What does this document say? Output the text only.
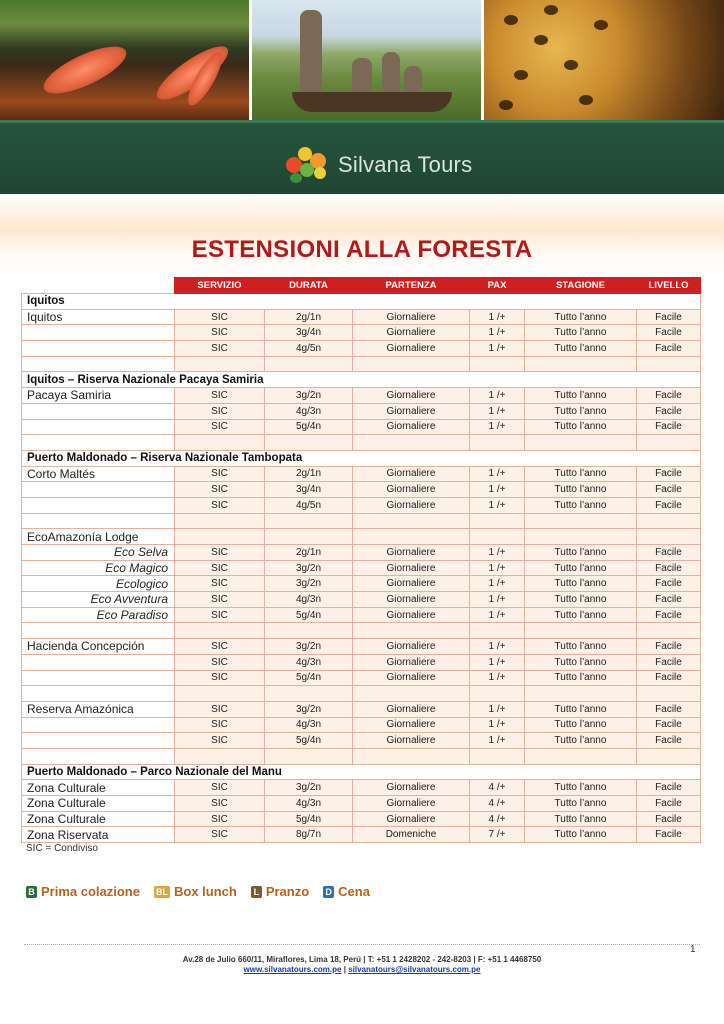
Silvana Tours
ESTENSIONI ALLA FORESTA
	SERVIZIO	DURATA	PARTENZA	PAX	STAGIONE	LIVELLO
Iquitos						
Iquitos	SIC	2g/1n	Giornaliere	1 /+	Tutto l’anno	Facile
	SIC	3g/4n	Giornaliere	1 /+	Tutto l’anno	Facile
	SIC	4g/5n	Giornaliere	1 /+	Tutto l’anno	Facile

Iquitos – Riserva Nazionale Pacaya Samiria						
Pacaya Samiria	SIC	3g/2n	Giornaliere	1 /+	Tutto l’anno	Facile
	SIC	4g/3n	Giornaliere	1 /+	Tutto l’anno	Facile
	SIC	5g/4n	Giornaliere	1 /+	Tutto l’anno	Facile

Puerto Maldonado – Riserva Nazionale Tambopata						
Corto Maltés	SIC	2g/1n	Giornaliere	1 /+	Tutto l’anno	Facile
	SIC	3g/4n	Giornaliere	1 /+	Tutto l’anno	Facile
	SIC	4g/5n	Giornaliere	1 /+	Tutto l’anno	Facile

EcoAmazonía Lodge						
Eco Selva	SIC	2g/1n	Giornaliere	1 /+	Tutto l’anno	Facile
Eco Magico	SIC	3g/2n	Giornaliere	1 /+	Tutto l’anno	Facile
Ecologico	SIC	3g/2n	Giornaliere	1 /+	Tutto l’anno	Facile
Eco Avventura	SIC	4g/3n	Giornaliere	1 /+	Tutto l’anno	Facile
Eco Paradiso	SIC	5g/4n	Giornaliere	1 /+	Tutto l’anno	Facile

Hacienda Concepción	SIC	3g/2n	Giornaliere	1 /+	Tutto l’anno	Facile
	SIC	4g/3n	Giornaliere	1 /+	Tutto l’anno	Facile
	SIC	5g/4n	Giornaliere	1 /+	Tutto l’anno	Facile

Reserva Amazónica	SIC	3g/2n	Giornaliere	1 /+	Tutto l’anno	Facile
	SIC	4g/3n	Giornaliere	1 /+	Tutto l’anno	Facile
	SIC	5g/4n	Giornaliere	1 /+	Tutto l’anno	Facile

Puerto Maldonado – Parco Nazionale del Manu						
Zona Culturale	SIC	3g/2n	Giornaliere	4 /+	Tutto l’anno	Facile
Zona Culturale	SIC	4g/3n	Giornaliere	4 /+	Tutto l’anno	Facile
Zona Culturale	SIC	5g/4n	Giornaliere	4 /+	Tutto l’anno	Facile
Zona Riservata	SIC	8g/7n	Domeniche	7 /+	Tutto l’anno	Facile
SIC = Condiviso
B Prima colazione BL Box lunch	L Pranzo D Cena
1
Av.28 de Julio 660/11, Miraflores, Lima 18, Perú | T: +51 1 2428202 - 242-8203 | F: +51 1 4468750
www.silvanatours.com.pe | silvanatours@silvanatours.com.pe
